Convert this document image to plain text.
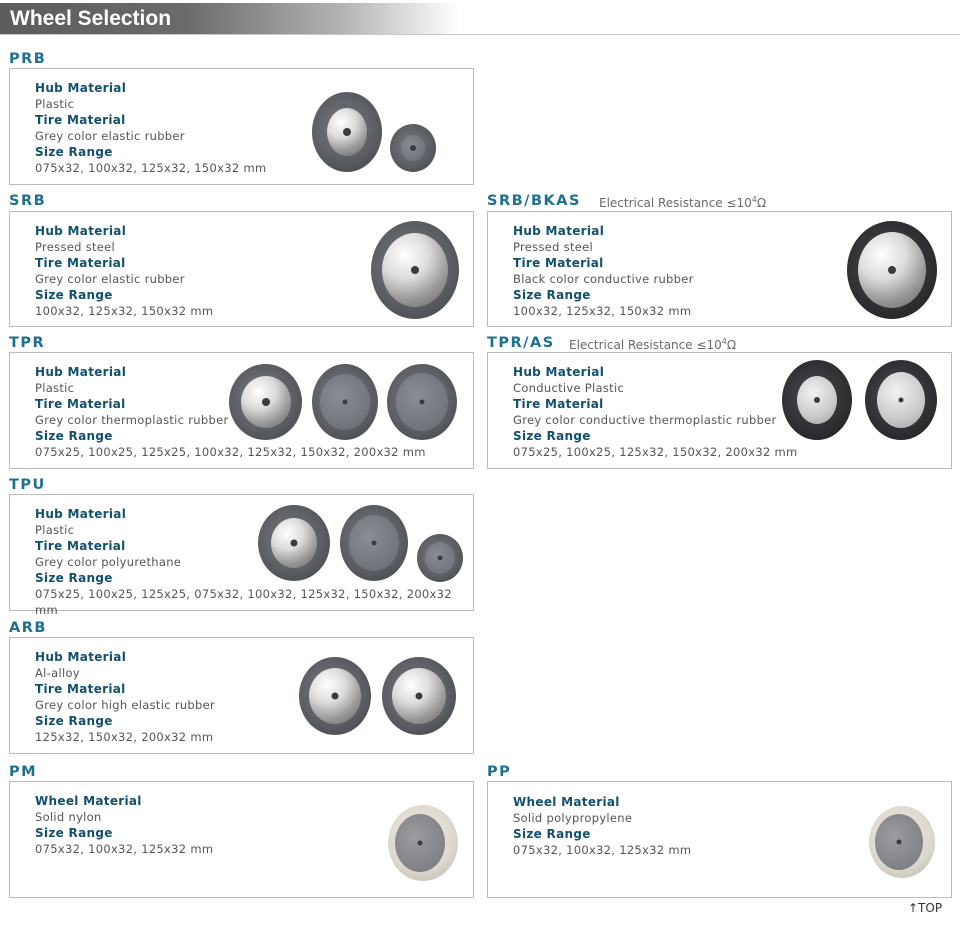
Wheel Selection
PRB
Hub Material
Plastic
Tire Material
Grey color elastic rubber
Size Range
075x32, 100x32, 125x32, 150x32 mm
SRB
Hub Material
Pressed steel
Tire Material
Grey color elastic rubber
Size Range
100x32, 125x32, 150x32 mm
SRB/BKAS Electrical Resistance $\le 10^4\Omega$
Hub Material
Pressed steel
Tire Material
Black color conductive rubber
Size Range
100x32, 125x32, 150x32 mm
TPR
Hub Material
Plastic
Tire Material
Grey color thermoplastic rubber
Size Range
075x25, 100x25, 125x25, 100x32, 125x32, 150x32, 200x32 mm
TPR/AS Electrical Resistance $\le 10^4\Omega$
Hub Material
Conductive Plastic
Tire Material
Grey color conductive thermoplastic rubber
Size Range
075x25, 100x25, 125x32, 150x32, 200x32 mm
TPU
Hub Material
Plastic
Tire Material
Grey color polyurethane
Size Range
075x25, 100x25, 125x25, 075x32, 100x32, 125x32, 150x32, 200x32 mm
ARB
Hub Material
Al-alloy
Tire Material
Grey color high elastic rubber
Size Range
125x32, 150x32, 200x32 mm
PM
Wheel Material
Solid nylon
Size Range
075x32, 100x32, 125x32 mm
PP
Wheel Material
Solid polypropylene
Size Range
075x32, 100x32, 125x32 mm
↑TOP
